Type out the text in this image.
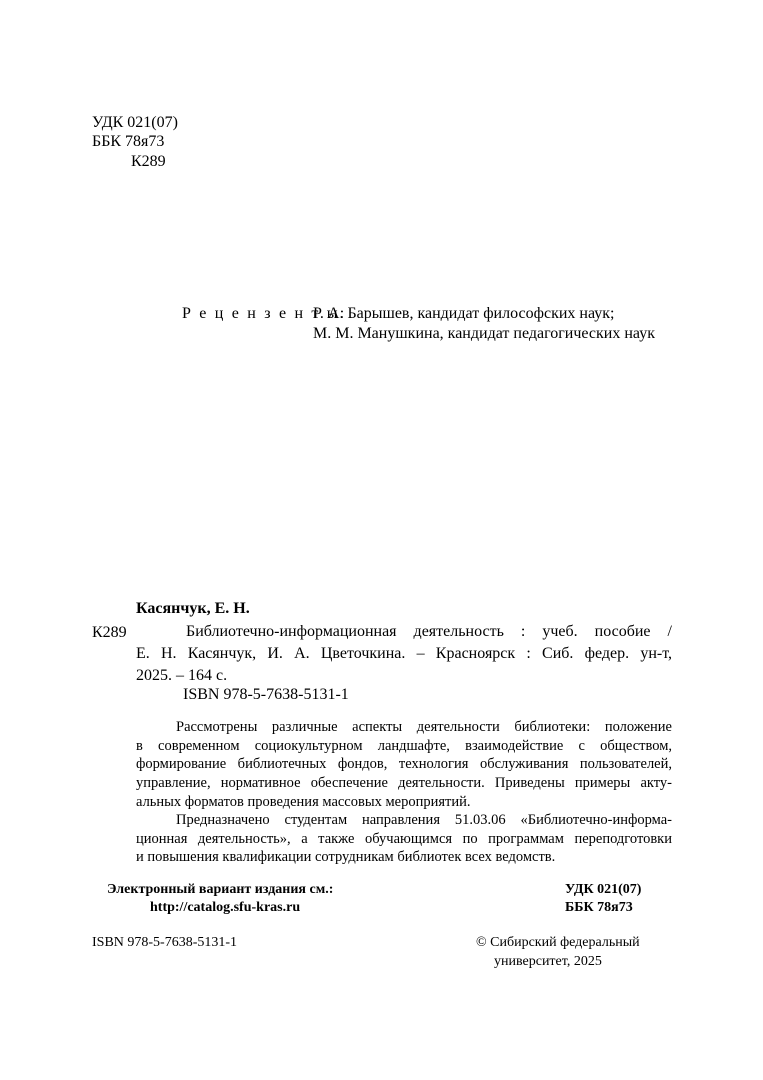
УДК 021(07)
ББК 78я73
К289
Р е ц е н з е н т ы:
Р. А. Барышев, кандидат философских наук;
М. М. Манушкина, кандидат педагогических наук
Касянчук, Е. Н.
К289	Библиотечно-информационная деятельность : учеб. пособие /
Е. Н. Касянчук, И. А. Цветочкина. – Красноярск : Сиб. федер. ун-т,
2025. – 164 с.
ISBN 978-5-7638-5131-1
Рассмотрены различные аспекты деятельности библиотеки: положение
в современном социокультурном ландшафте, взаимодействие с обществом,
формирование библиотечных фондов, технология обслуживания пользователей,
управление, нормативное обеспечение деятельности. Приведены примеры акту-
альных форматов проведения массовых мероприятий.
Предназначено студентам направления 51.03.06 «Библиотечно-информа-
ционная деятельность», а также обучающимся по программам переподготовки
и повышения квалификации сотрудникам библиотек всех ведомств.
Электронный вариант издания см.:
http://catalog.sfu-kras.ru
УДК 021(07)
ББК 78я73
ISBN 978-5-7638-5131-1	© Сибирский федеральный
университет, 2025
